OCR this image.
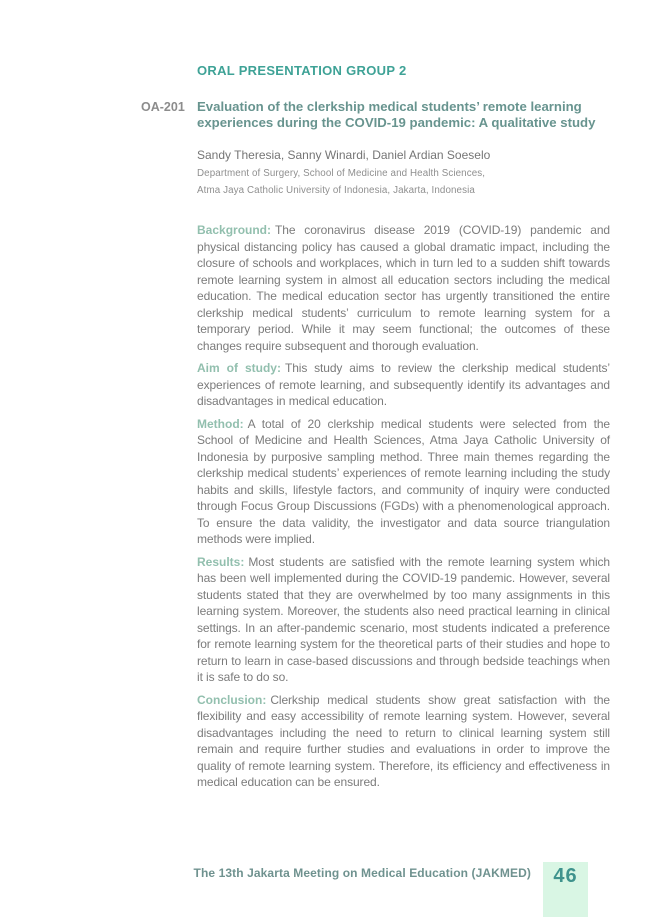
ORAL PRESENTATION GROUP 2
OA-201 Evaluation of the clerkship medical students’ remote learning experiences during the COVID-19 pandemic: A qualitative study
Sandy Theresia, Sanny Winardi, Daniel Ardian Soeselo
Department of Surgery, School of Medicine and Health Sciences,
Atma Jaya Catholic University of Indonesia, Jakarta, Indonesia

Background: The coronavirus disease 2019 (COVID-19) pandemic and physical distancing policy has caused a global dramatic impact, including the closure of schools and workplaces, which in turn led to a sudden shift towards remote learning system in almost all education sectors including the medical education. The medical education sector has urgently transitioned the entire clerkship medical students’ curriculum to remote learning system for a temporary period. While it may seem functional; the outcomes of these changes require subsequent and thorough evaluation.

Aim of study: This study aims to review the clerkship medical students’ experiences of remote learning, and subsequently identify its advantages and disadvantages in medical education.

Method: A total of 20 clerkship medical students were selected from the School of Medicine and Health Sciences, Atma Jaya Catholic University of Indonesia by purposive sampling method. Three main themes regarding the clerkship medical students’ experiences of remote learning including the study habits and skills, lifestyle factors, and community of inquiry were conducted through Focus Group Discussions (FGDs) with a phenomenological approach. To ensure the data validity, the investigator and data source triangulation methods were implied.

Results: Most students are satisfied with the remote learning system which has been well implemented during the COVID-19 pandemic. However, several students stated that they are overwhelmed by too many assignments in this learning system. Moreover, the students also need practical learning in clinical settings. In an after-pandemic scenario, most students indicated a preference for remote learning system for the theoretical parts of their studies and hope to return to learn in case-based discussions and through bedside teachings when it is safe to do so.

Conclusion: Clerkship medical students show great satisfaction with the flexibility and easy accessibility of remote learning system. However, several disadvantages including the need to return to clinical learning system still remain and require further studies and evaluations in order to improve the quality of remote learning system. Therefore, its efficiency and effectiveness in medical education can be ensured.

The 13th Jakarta Meeting on Medical Education (JAKMED)	46
